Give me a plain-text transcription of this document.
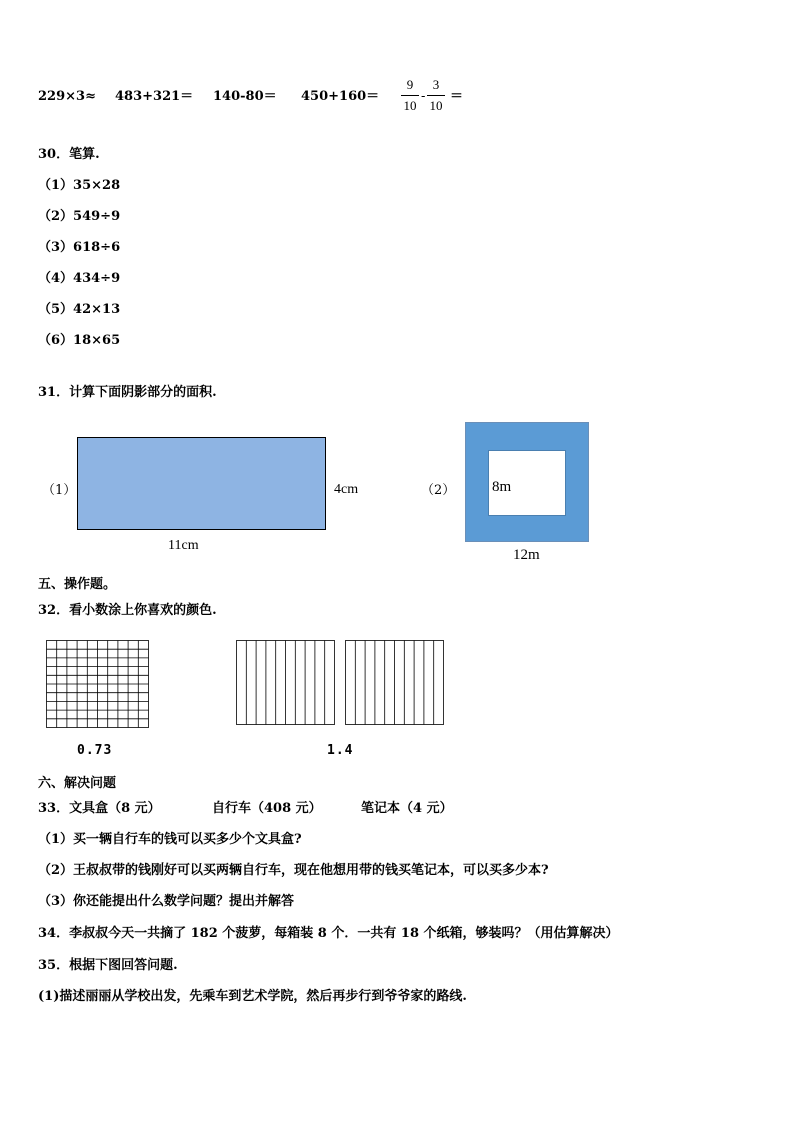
229×3≈ 483+321＝ 140-80＝ 450+160＝
9
10
-
3
10
＝
30．笔算.
（1）35×28
（2）549÷9
（3）618÷6
（4）434÷9
（5）42×13
（6）18×65
31．计算下面阴影部分的面积.
（1）	4cm
11cm
（2） 8m
12m
五、操作题。
32．看小数涂上你喜欢的颜色.
0.73	1.4
六、解决问题
33．文具盒（8 元）	自行车（408 元）	笔记本（4 元）
（1）买一辆自行车的钱可以买多少个文具盒?
（2）王叔叔带的钱刚好可以买两辆自行车，现在他想用带的钱买笔记本，可以买多少本?
（3）你还能提出什么数学问题？提出并解答
34．李叔叔今天一共摘了 182 个菠萝，每箱装 8 个．一共有 18 个纸箱，够装吗？（用估算解决）
35．根据下图回答问题.
(1)描述丽丽从学校出发，先乘车到艺术学院，然后再步行到爷爷家的路线.
